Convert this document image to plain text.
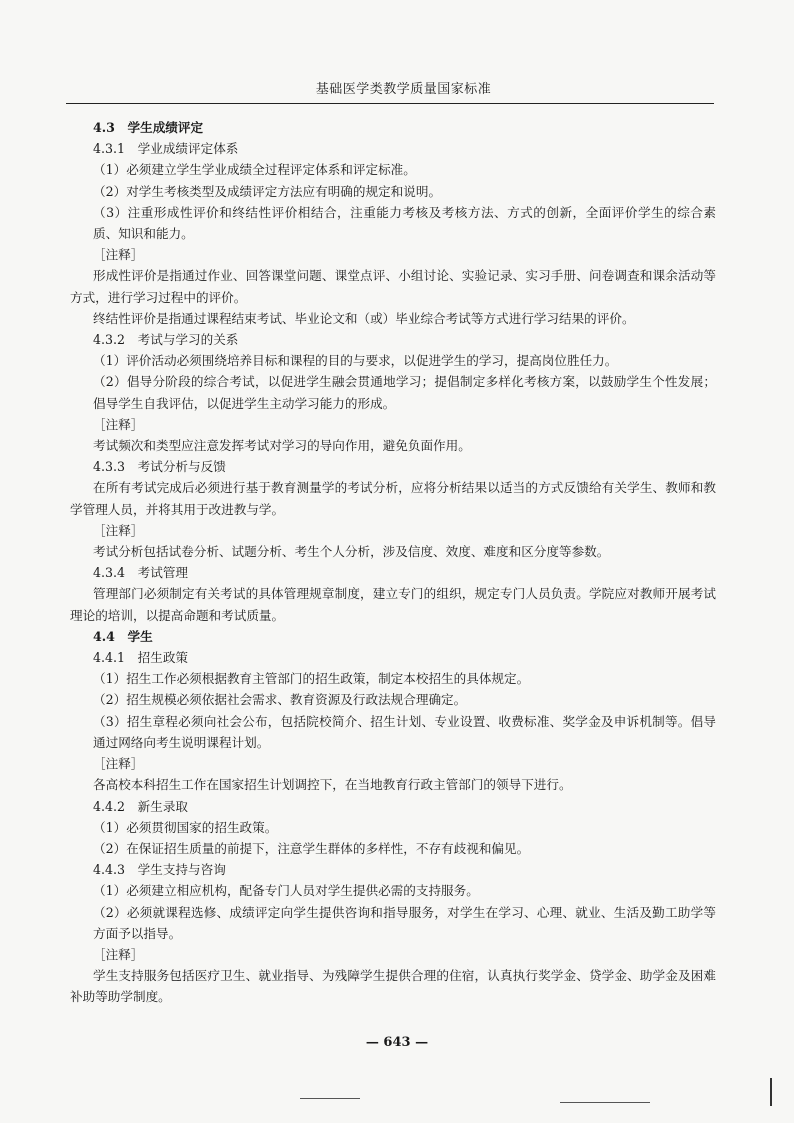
基础医学类教学质量国家标准
4.3　学生成绩评定
4.3.1　学业成绩评定体系
（1）必须建立学生学业成绩全过程评定体系和评定标准。
（2）对学生考核类型及成绩评定方法应有明确的规定和说明。
（3）注重形成性评价和终结性评价相结合，注重能力考核及考核方法、方式的创新，全面评价学生的综合素质、知识和能力。
［注释］
形成性评价是指通过作业、回答课堂问题、课堂点评、小组讨论、实验记录、实习手册、问卷调查和课余活动等方式，进行学习过程中的评价。
终结性评价是指通过课程结束考试、毕业论文和（或）毕业综合考试等方式进行学习结果的评价。
4.3.2　考试与学习的关系
（1）评价活动必须围绕培养目标和课程的目的与要求，以促进学生的学习，提高岗位胜任力。
（2）倡导分阶段的综合考试，以促进学生融会贯通地学习；提倡制定多样化考核方案，以鼓励学生个性发展；倡导学生自我评估，以促进学生主动学习能力的形成。
［注释］
考试频次和类型应注意发挥考试对学习的导向作用，避免负面作用。
4.3.3　考试分析与反馈
在所有考试完成后必须进行基于教育测量学的考试分析，应将分析结果以适当的方式反馈给有关学生、教师和教学管理人员，并将其用于改进教与学。
［注释］
考试分析包括试卷分析、试题分析、考生个人分析，涉及信度、效度、难度和区分度等参数。
4.3.4　考试管理
管理部门必须制定有关考试的具体管理规章制度，建立专门的组织，规定专门人员负责。学院应对教师开展考试理论的培训，以提高命题和考试质量。
4.4　学生
4.4.1　招生政策
（1）招生工作必须根据教育主管部门的招生政策，制定本校招生的具体规定。
（2）招生规模必须依据社会需求、教育资源及行政法规合理确定。
（3）招生章程必须向社会公布，包括院校简介、招生计划、专业设置、收费标准、奖学金及申诉机制等。倡导通过网络向考生说明课程计划。
［注释］
各高校本科招生工作在国家招生计划调控下，在当地教育行政主管部门的领导下进行。
4.4.2　新生录取
（1）必须贯彻国家的招生政策。
（2）在保证招生质量的前提下，注意学生群体的多样性，不存有歧视和偏见。
4.4.3　学生支持与咨询
（1）必须建立相应机构，配备专门人员对学生提供必需的支持服务。
（2）必须就课程选修、成绩评定向学生提供咨询和指导服务，对学生在学习、心理、就业、生活及勤工助学等方面予以指导。
［注释］
学生支持服务包括医疗卫生、就业指导、为残障学生提供合理的住宿，认真执行奖学金、贷学金、助学金及困难补助等助学制度。
— 643 —
